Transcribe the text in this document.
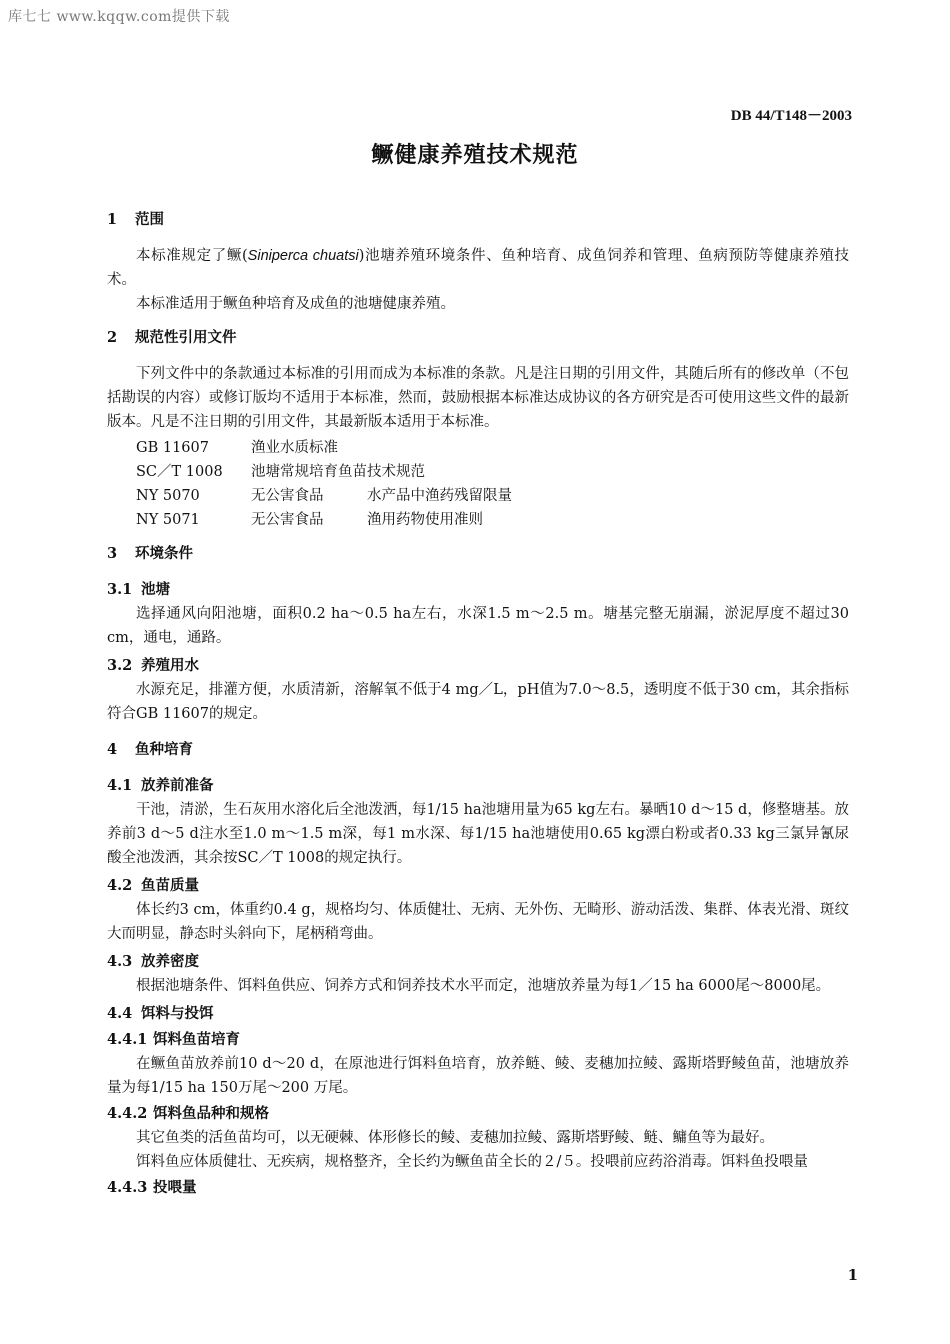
库七七 www.kqqw.com提供下载
DB 44/T148－2003
鳜健康养殖技术规范
1 范围

本标准规定了鳜(Siniperca chuatsi)池塘养殖环境条件、鱼种培育、成鱼饲养和管理、鱼病预防等健康养殖技术。

本标准适用于鳜鱼种培育及成鱼的池塘健康养殖。

2 规范性引用文件

下列文件中的条款通过本标准的引用而成为本标准的条款。凡是注日期的引用文件，其随后所有的修改单（不包括勘误的内容）或修订版均不适用于本标准，然而，鼓励根据本标准达成协议的各方研究是否可使用这些文件的最新版本。凡是不注日期的引用文件，其最新版本适用于本标准。

GB 11607	渔业水质标准	
SC／T 1008	池塘常规培育鱼苗技术规范	
NY 5070	无公害食品	水产品中渔药残留限量
NY 5071	无公害食品	渔用药物使用准则
3 环境条件
3.1 池塘

选择通风向阳池塘，面积0.2 ha～0.5 ha左右，水深1.5 m～2.5 m。塘基完整无崩漏，淤泥厚度不超过30 cm，通电，通路。

3.2 养殖用水

水源充足，排灌方便，水质清新，溶解氧不低于4 mg／L，pH值为7.0～8.5，透明度不低于30 cm，其余指标符合GB 11607的规定。

4 鱼种培育
4.1 放养前准备

干池，清淤，生石灰用水溶化后全池泼洒，每1/15 ha池塘用量为65 kg左右。暴晒10 d～15 d，修整塘基。放养前3 d～5 d注水至1.0 m～1.5 m深，每1 m水深、每1/15 ha池塘使用0.65 kg漂白粉或者0.33 kg三氯异氰尿酸全池泼洒，其余按SC／T 1008的规定执行。

4.2 鱼苗质量

体长约3 cm，体重约0.4 g，规格均匀、体质健壮、无病、无外伤、无畸形、游动活泼、集群、体表光滑、斑纹大而明显，静态时头斜向下，尾柄稍弯曲。

4.3 放养密度

根据池塘条件、饵料鱼供应、饲养方式和饲养技术水平而定，池塘放养量为每1／15 ha 6000尾～8000尾。

4.4 饵料与投饵
4.4.1 饵料鱼苗培育

在鳜鱼苗放养前10 d～20 d，在原池进行饵料鱼培育，放养鲢、鲮、麦穗加拉鲮、露斯塔野鲮鱼苗，池塘放养量为每1/15 ha 150万尾～200 万尾。

4.4.2 饵料鱼品种和规格

其它鱼类的活鱼苗均可，以无硬棘、体形修长的鲮、麦穗加拉鲮、露斯塔野鲮、鲢、鳙鱼等为最好。

饵料鱼应体质健壮、无疾病，规格整齐，全长约为鳜鱼苗全长的２/５。投喂前应药浴消毒。饵料鱼投喂量

4.4.3 投喂量
1
